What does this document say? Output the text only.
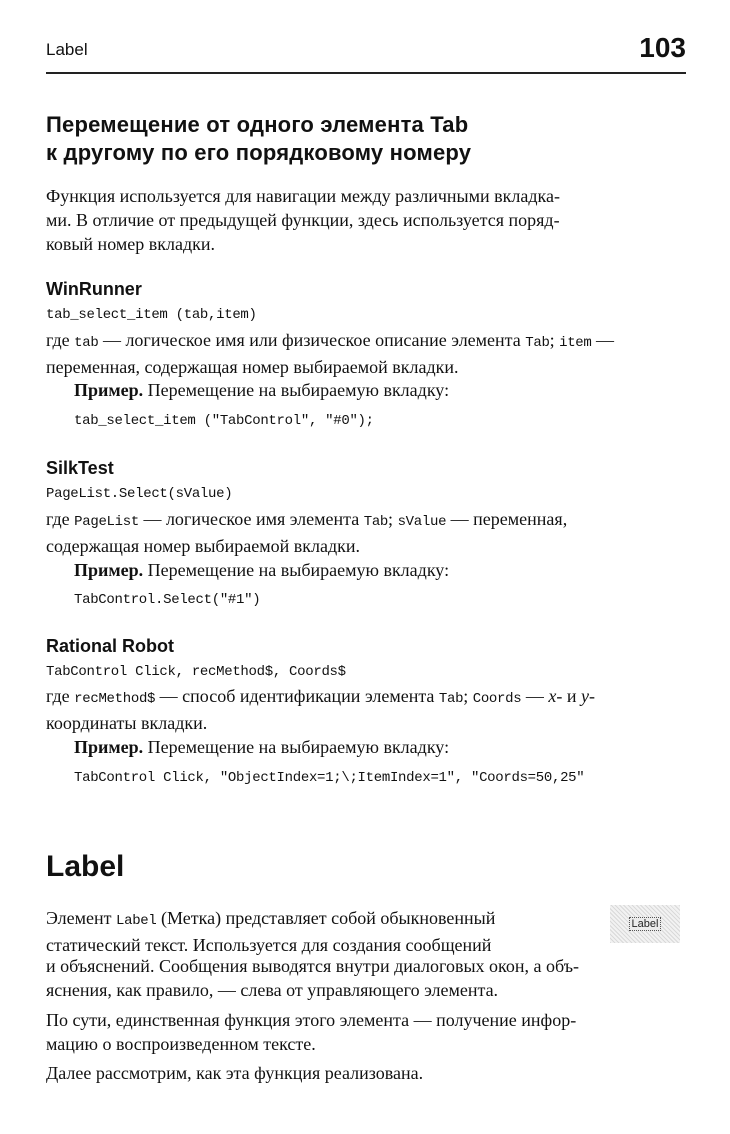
Label	103
Перемещение от одного элемента Tab
к другому по его порядковому номеру
Функция используется для навигации между различными вкладка-
ми. В отличие от предыдущей функции, здесь используется поряд-
ковый номер вкладки.
WinRunner
tab_select_item (tab,item)
где tab — логическое имя или физическое описание элемента Tab; item —
переменная, содержащая номер выбираемой вкладки.
Пример. Перемещение на выбираемую вкладку:
tab_select_item ("TabControl", "#0");
SilkTest
PageList.Select(sValue)
где PageList — логическое имя элемента Tab; sValue — переменная,
содержащая номер выбираемой вкладки.
Пример. Перемещение на выбираемую вкладку:
TabControl.Select("#1")
Rational Robot
TabControl Click, recMethod$, Coords$
где recMethod$ — способ идентификации элемента Tab; Coords — x- и y-
координаты вкладки.
Пример. Перемещение на выбираемую вкладку:
TabControl Click, "ObjectIndex=1;\;ItemIndex=1", "Coords=50,25"
Label
Элемент Label (Метка) представляет собой обыкновенный
статический текст. Используется для создания сообщений
Label
и объяснений. Сообщения выводятся внутри диалоговых окон, а объ-
яснения, как правило, — слева от управляющего элемента.
По сути, единственная функция этого элемента — получение инфор-
мацию о воспроизведенном тексте.
Далее рассмотрим, как эта функция реализована.
